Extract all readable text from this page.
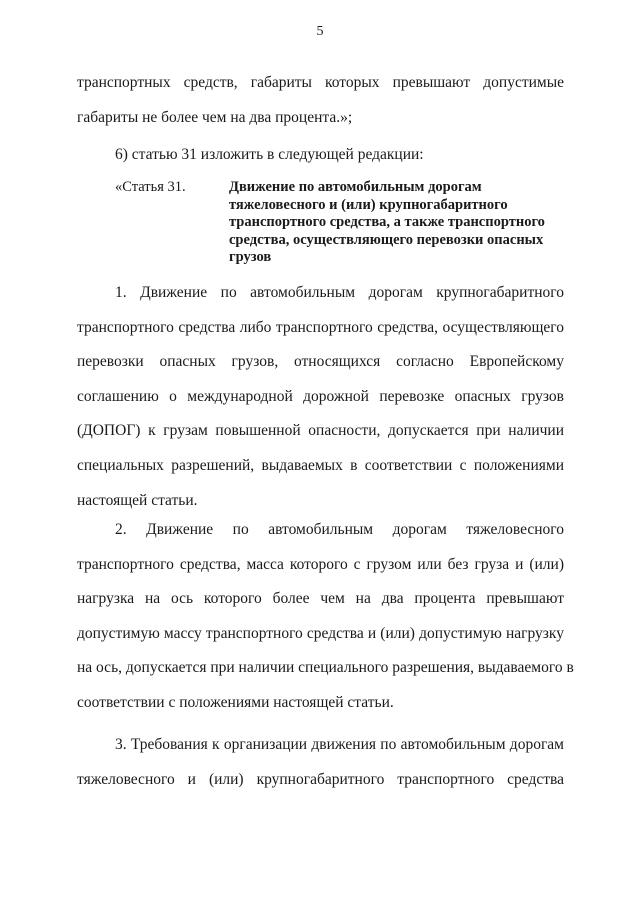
5
транспортных средств, габариты которых превышают допустимые
габариты не более чем на два процента.»;
6) статью 31 изложить в следующей редакции:
«Статья 31.	Движение по автомобильным дорогам тяжеловесного и (или) крупногабаритного транспортного средства, а также транспортного средства, осуществляющего перевозки опасных грузов
1. Движение по автомобильным дорогам крупногабаритного
транспортного средства либо транспортного средства, осуществляющего
перевозки опасных грузов, относящихся согласно Европейскому
соглашению о международной дорожной перевозке опасных грузов
(ДОПОГ) к грузам повышенной опасности, допускается при наличии
специальных разрешений, выдаваемых в соответствии с положениями
настоящей статьи.
2. Движение по автомобильным дорогам тяжеловесного
транспортного средства, масса которого с грузом или без груза и (или)
нагрузка на ось которого более чем на два процента превышают
допустимую массу транспортного средства и (или) допустимую нагрузку
на ось, допускается при наличии специального разрешения, выдаваемого в
соответствии с положениями настоящей статьи.
3. Требования к организации движения по автомобильным дорогам
тяжеловесного и (или) крупногабаритного транспортного средства
